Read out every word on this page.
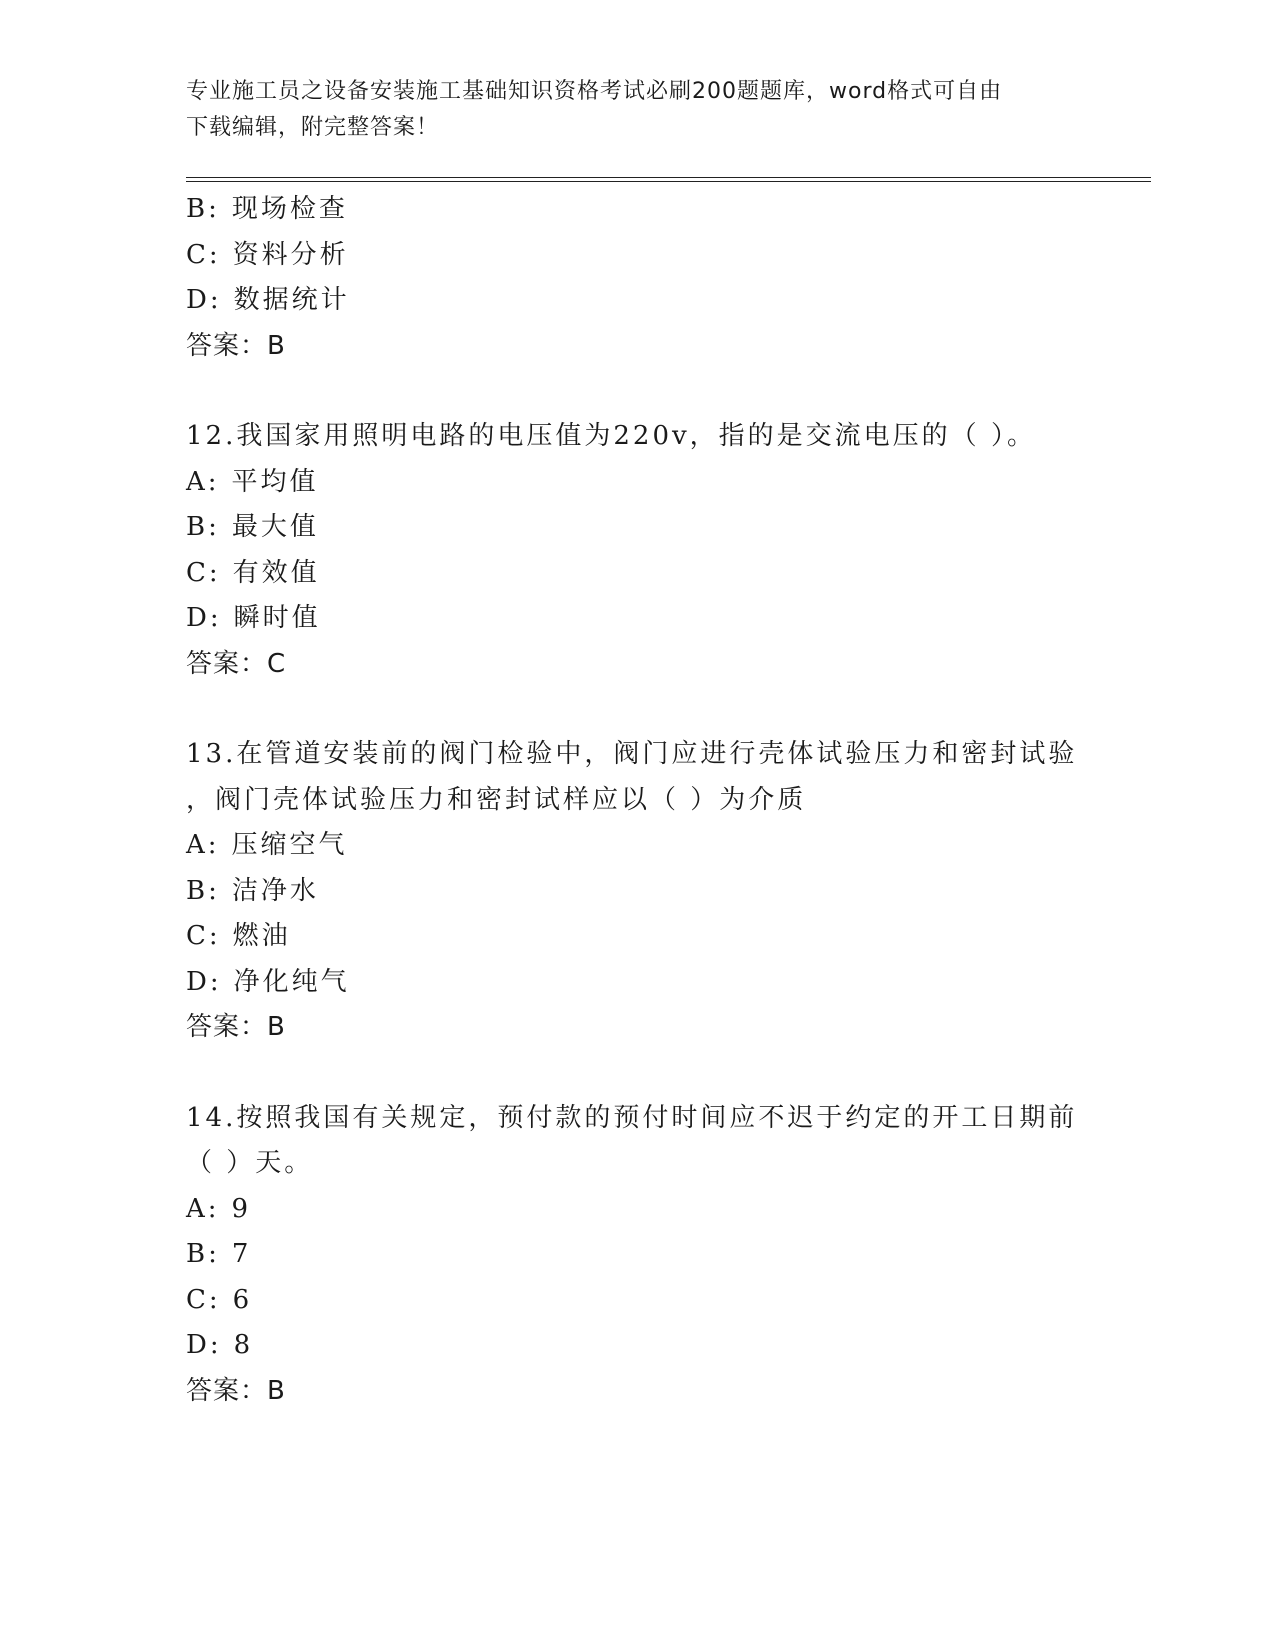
专业施工员之设备安装施工基础知识资格考试必刷200题题库，word格式可自由
下载编辑，附完整答案！
B: 现场检查
C: 资料分析
D: 数据统计
答案：B
12.我国家用照明电路的电压值为220v，指的是交流电压的（ ）。
A: 平均值
B: 最大值
C: 有效值
D: 瞬时值
答案：C
13.在管道安装前的阀门检验中，阀门应进行壳体试验压力和密封试验
，阀门壳体试验压力和密封试样应以（ ）为介质
A: 压缩空气
B: 洁净水
C: 燃油
D: 净化纯气
答案：B
14.按照我国有关规定，预付款的预付时间应不迟于约定的开工日期前
（ ）天。
A: 9
B: 7
C: 6
D: 8
答案：B
